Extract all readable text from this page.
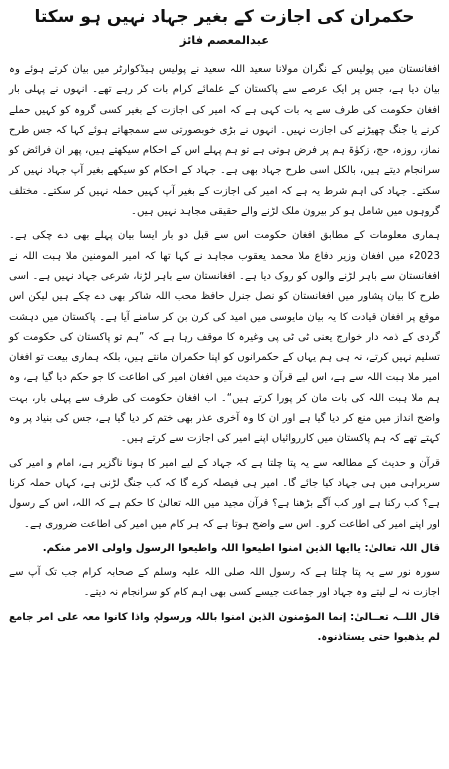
حکمران کی اجازت کے بغیر جہاد نہیں ہو سکتا
عبدالمعصم فائز

افغانستان میں پولیس کے نگران مولانا سعید اللہ سعید نے پولیس ہیڈکوارٹر میں بیان کرتے ہوئے وہ بیان دیا ہے، جس پر ایک عرصے سے پاکستان کے علمائے کرام بات کر رہے تھے۔ انہوں نے پہلی بار افغان حکومت کی طرف سے یہ بات کہی ہے کہ امیر کی اجازت کے بغیر کسی گروہ کو کہیں حملے کرنے یا جنگ چھیڑنے کی اجازت نہیں۔ انہوں نے بڑی خوبصورتی سے سمجھاتے ہوئے کہا کہ جس طرح نماز، روزہ، حج، زکوٰۃ ہم پر فرض ہوتی ہے تو ہم پہلے اس کے احکام سیکھتے ہیں، پھر ان فرائض کو سرانجام دیتے ہیں، بالکل اسی طرح جہاد بھی ہے۔ جہاد کے احکام کو سیکھے بغیر آپ جہاد نہیں کر سکتے۔ جہاد کی اہم شرط یہ ہے کہ امیر کی اجازت کے بغیر آپ کہیں حملہ نہیں کر سکتے۔ مختلف گروہوں میں شامل ہو کر بیرون ملک لڑنے والے حقیقی مجاہد نہیں ہیں۔

ہماری معلومات کے مطابق افغان حکومت اس سے قبل دو بار ایسا بیان پہلے بھی دے چکی ہے۔ 2023ء میں افغان وزیر دفاع ملا محمد یعقوب مجاہد نے کہا تھا کہ امیر المومنین ملا ہبت اللہ نے افغانستان سے باہر لڑنے والوں کو روک دیا ہے۔ افغانستان سے باہر لڑنا، شرعی جہاد نہیں ہے۔ اسی طرح کا بیان پشاور میں افغانستان کو نصل جنرل حافظ محب اللہ شاکر بھی دے چکے ہیں لیکن اس موقع پر افغان قیادت کا یہ بیان مایوسی میں امید کی کرن بن کر سامنے آیا ہے۔ پاکستان میں دہشت گردی کے ذمہ دار خوارج یعنی ٹی ٹی پی وغیرہ کا موقف رہا ہے کہ ”ہم تو پاکستان کی حکومت کو تسلیم نہیں کرتے، نہ ہی ہم یہاں کے حکمرانوں کو اپنا حکمران مانتے ہیں، بلکہ ہماری بیعت تو افغان امیر ملا ہبت اللہ سے ہے، اس لیے قرآن و حدیث میں افغان امیر کی اطاعت کا جو حکم دیا گیا ہے، وہ ہم ملا ہبت اللہ کی بات مان کر پورا کرتے ہیں“۔ اب افغان حکومت کی طرف سے پہلی بار، بہت واضح انداز میں منع کر دیا گیا ہے اور ان کا وہ آخری عذر بھی ختم کر دیا گیا ہے، جس کی بنیاد پر وہ کہتے تھے کہ ہم پاکستان میں کارروائیاں اپنے امیر کی اجازت سے کرتے ہیں۔

قرآن و حدیث کے مطالعہ سے یہ پتا چلتا ہے کہ جہاد کے لیے امیر کا ہونا ناگزیر ہے، امام و امیر کی سربراہی میں ہی جہاد کیا جائے گا۔ امیر ہی فیصلہ کرے گا کہ کب جنگ لڑنی ہے، کہاں حملہ کرنا ہے؟ کب رکنا ہے اور کب آگے بڑھنا ہے؟ قرآن مجید میں اللہ تعالیٰ کا حکم ہے کہ اللہ، اس کے رسول اور اپنے امیر کی اطاعت کرو۔ اس سے واضح ہوتا ہے کہ ہر کام میں امیر کی اطاعت ضروری ہے۔

قال اللہ تعالیٰ: یاایھا الذین امنوا اطیعوا اللہ واطیعوا الرسول واولی الامر منکم.

سورہ نور سے یہ پتا چلتا ہے کہ رسول اللہ صلی اللہ علیہ وسلم کے صحابہ کرام جب تک آپ سے اجازت نہ لے لیتے وہ جہاد اور جماعت جیسے کسی بھی اہم کام کو سرانجام نہ دیتے۔

قال اللــہ تعــالیٰ: إنما المؤمنون الذین امنوا باللہ ورسولہٖ واذا کانوا معہ علی امر جامع لم یذھبوا حتی یستاذنوہ.
